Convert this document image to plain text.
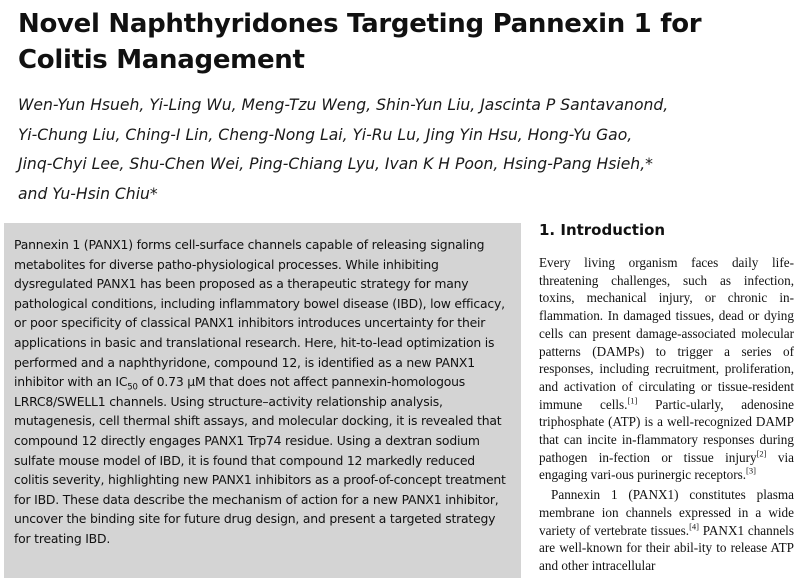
Novel Naphthyridones Targeting Pannexin 1 for Colitis Management
Wen-Yun Hsueh, Yi-Ling Wu, Meng-Tzu Weng, Shin-Yun Liu, Jascinta P Santavanond,
Yi-Chung Liu, Ching-I Lin, Cheng-Nong Lai, Yi-Ru Lu, Jing Yin Hsu, Hong-Yu Gao,
Jinq-Chyi Lee, Shu-Chen Wei, Ping-Chiang Lyu, Ivan K H Poon, Hsing-Pang Hsieh,*
and Yu-Hsin Chiu*

Pannexin 1 (PANX1) forms cell-surface channels capable of releasing signaling metabolites for diverse patho-physiological processes. While inhibiting dysregulated PANX1 has been proposed as a therapeutic strategy for many pathological conditions, including inflammatory bowel disease (IBD), low efficacy, or poor specificity of classical PANX1 inhibitors introduces uncertainty for their applications in basic and translational research. Here, hit-to-lead optimization is performed and a naphthyridone, compound 12, is identified as a new PANX1 inhibitor with an $IC_{50}$ of 0.73 μM that does not affect pannexin-homologous LRRC8/SWELL1 channels. Using structure–activity relationship analysis, mutagenesis, cell thermal shift assays, and molecular docking, it is revealed that compound 12 directly engages PANX1 Trp74 residue. Using a dextran sodium sulfate mouse model of IBD, it is found that compound 12 markedly reduced colitis severity, highlighting new PANX1 inhibitors as a proof-of-concept treatment for IBD. These data describe the mechanism of action for a new PANX1 inhibitor, uncover the binding site for future drug design, and present a targeted strategy for treating IBD.

1. Introduction

Every living organism faces daily life-threatening challenges, such as infection, toxins, mechanical injury, or chronic in-flammation. In damaged tissues, dead or dying cells can present damage-associated molecular patterns (DAMPs) to trigger a series of responses, including recruitment, proliferation, and activation of circulating or tissue-resident immune cells.[1] Partic-ularly, adenosine triphosphate (ATP) is a well-recognized DAMP that can incite in-flammatory responses during pathogen in-fection or tissue injury[2] via engaging vari-ous purinergic receptors.[3]

Pannexin 1 (PANX1) constitutes plasma membrane ion channels expressed in a wide variety of vertebrate tissues.[4] PANX1 channels are well-known for their abil-ity to release ATP and other intracellular
